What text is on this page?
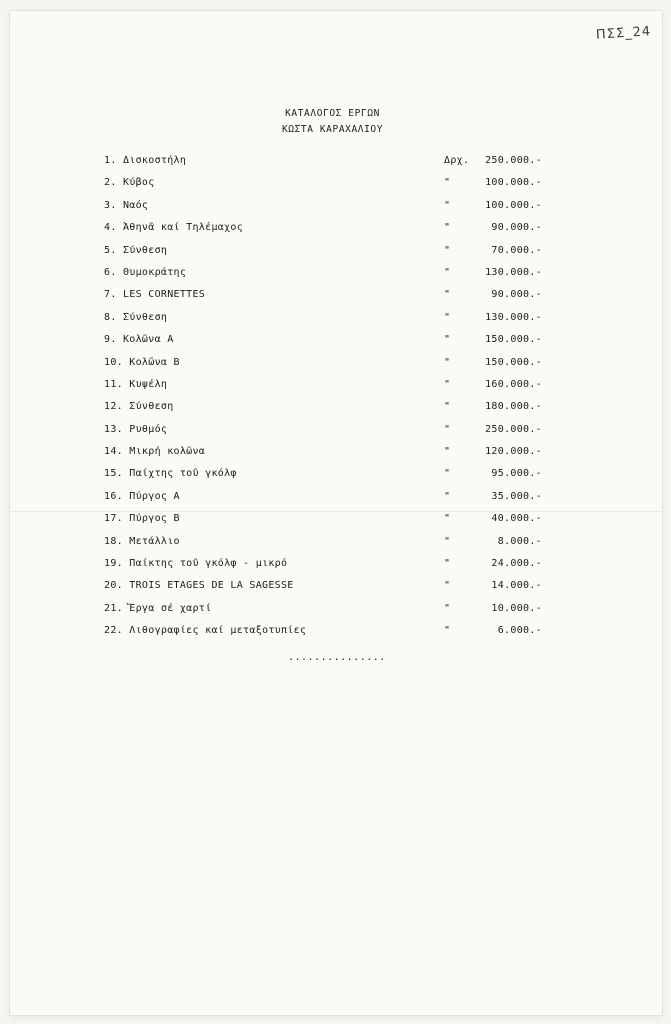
ΠΣΣ_24
ΚΑΤΑΛΟΓΟΣ ΕΡΓΩΝ
ΚΩΣΤΑ ΚΑΡΑΧΑΛΙΟΥ
1. Δισκοστήλη	Δρχ. 250.000.-
2. Κύβος	"	100.000.-
3. Ναός	"	100.000.-
4. Ἀθηνᾶ καί Τηλέμαχος	"	90.000.-
5. Σύνθεση	"	70.000.-
6. Θυμοκράτης	"	130.000.-
7. LES CORNETTES	"	90.000.-
8. Σύνθεση	"	130.000.-
9. Κολῶνα Α	"	150.000.-
10. Κολῶνα Β	"	150.000.-
11. Κυψέλη	"	160.000.-
12. Σύνθεση	"	180.000.-
13. Ρυθμός	"	250.000.-
14. Μικρή κολῶνα	"	120.000.-
15. Παίχτης τοῦ γκόλφ	"	95.000.-
16. Πύργος Α	"	35.000.-
17. Πύργος Β	"	40.000.-
18. Μετάλλιο	"	8.000.-
19. Παίκτης τοῦ γκόλφ - μικρό	"	24.000.-
20. TROIS ETAGES DE LA SAGESSE	"	14.000.-
21. Ἔργα σέ χαρτί	"	10.000.-
22. Λιθογραφίες καί μεταξοτυπίες	"	6.000.-
...............
